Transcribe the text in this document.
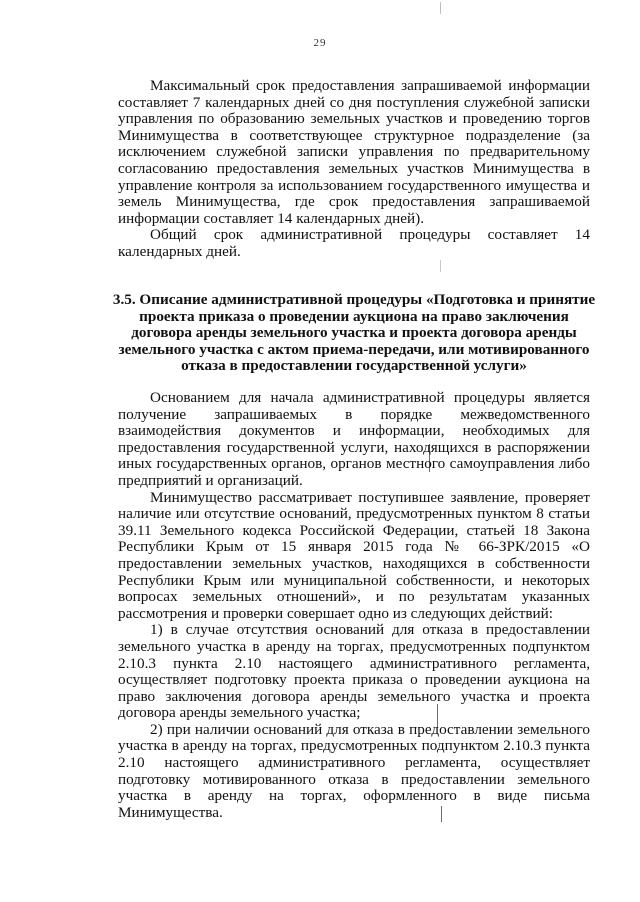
29

Максимальный срок предоставления запрашиваемой информации составляет 7 календарных дней со дня поступления служебной записки управления по образованию земельных участков и проведению торгов Минимущества в соответствующее структурное подразделение (за исключением служебной записки управления по предварительному согласованию предоставления земельных участков Минимущества в управление контроля за использованием государственного имущества и земель Минимущества, где срок предоставления запрашиваемой информации составляет 14 календарных дней).

Общий срок административной процедуры составляет 14 календарных дней.

3.5. Описание административной процедуры «Подготовка и принятие проекта приказа о проведении аукциона на право заключения договора аренды земельного участка и проекта договора аренды земельного участка с актом приема-передачи, или мотивированного отказа в предоставлении государственной услуги»

Основанием для начала административной процедуры является получение запрашиваемых в порядке межведомственного взаимодействия документов и информации, необходимых для предоставления государственной услуги, находящихся в распоряжении иных государственных органов, органов местного самоуправления либо предприятий и организаций.

Минимущество рассматривает поступившее заявление, проверяет наличие или отсутствие оснований, предусмотренных пунктом 8 статьи 39.11 Земельного кодекса Российской Федерации, статьей 18 Закона Республики Крым от 15 января 2015 года № 66-ЗРК/2015 «О предоставлении земельных участков, находящихся в собственности Республики Крым или муниципальной собственности, и некоторых вопросах земельных отношений», и по результатам указанных рассмотрения и проверки совершает одно из следующих действий:

1) в случае отсутствия оснований для отказа в предоставлении земельного участка в аренду на торгах, предусмотренных подпунктом 2.10.3 пункта 2.10 настоящего административного регламента, осуществляет подготовку проекта приказа о проведении аукциона на право заключения договора аренды земельного участка и проекта договора аренды земельного участка;

2) при наличии оснований для отказа в предоставлении земельного участка в аренду на торгах, предусмотренных подпунктом 2.10.3 пункта 2.10 настоящего административного регламента, осуществляет подготовку мотивированного отказа в предоставлении земельного участка в аренду на торгах, оформленного в виде письма Минимущества.
